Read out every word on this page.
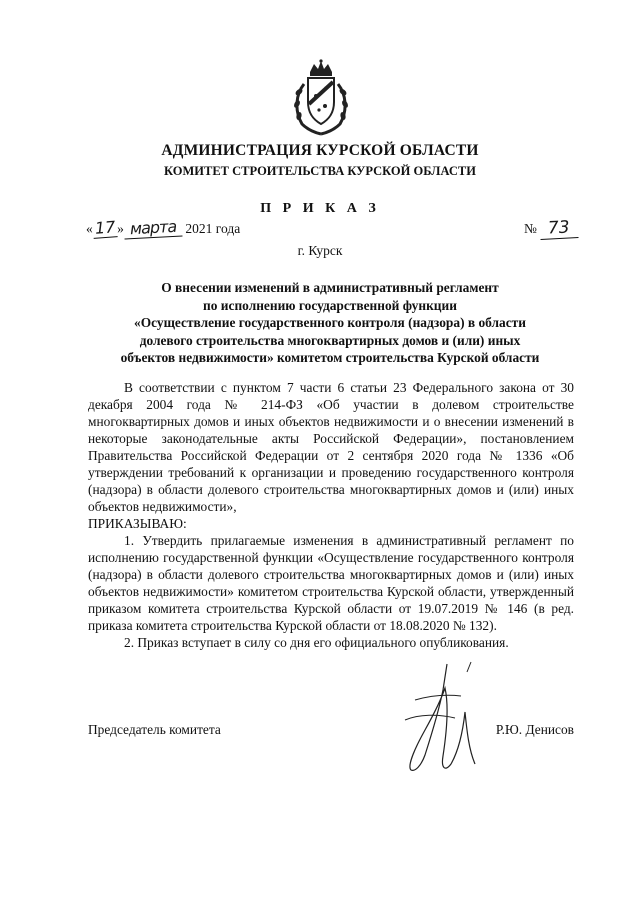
АДМИНИСТРАЦИЯ КУРСКОЙ ОБЛАСТИ
КОМИТЕТ СТРОИТЕЛЬСТВА КУРСКОЙ ОБЛАСТИ
П Р И К А З
«17» марта 2021 года	№ 73
г. Курск
О внесении изменений в административный регламент
по исполнению государственной функции
«Осуществление государственного контроля (надзора) в области
долевого строительства многоквартирных домов и (или) иных
объектов недвижимости» комитетом строительства Курской области

В соответствии с пунктом 7 части 6 статьи 23 Федерального закона от 30 декабря 2004 года № 214-ФЗ «Об участии в долевом строительстве многоквартирных домов и иных объектов недвижимости и о внесении изменений в некоторые законодательные акты Российской Федерации», постановлением Правительства Российской Федерации от 2 сентября 2020 года № 1336 «Об утверждении требований к организации и проведению государственного контроля (надзора) в области долевого строительства многоквартирных домов и (или) иных объектов недвижимости»,

ПРИКАЗЫВАЮ:

1. Утвердить прилагаемые изменения в административный регламент по исполнению государственной функции «Осуществление государственного контроля (надзора) в области долевого строительства многоквартирных домов и (или) иных объектов недвижимости» комитетом строительства Курской области, утвержденный приказом комитета строительства Курской области от 19.07.2019 № 146 (в ред. приказа комитета строительства Курской области от 18.08.2020 № 132).

2. Приказ вступает в силу со дня его официального опубликования.

Председатель комитета	Р.Ю. Денисов
